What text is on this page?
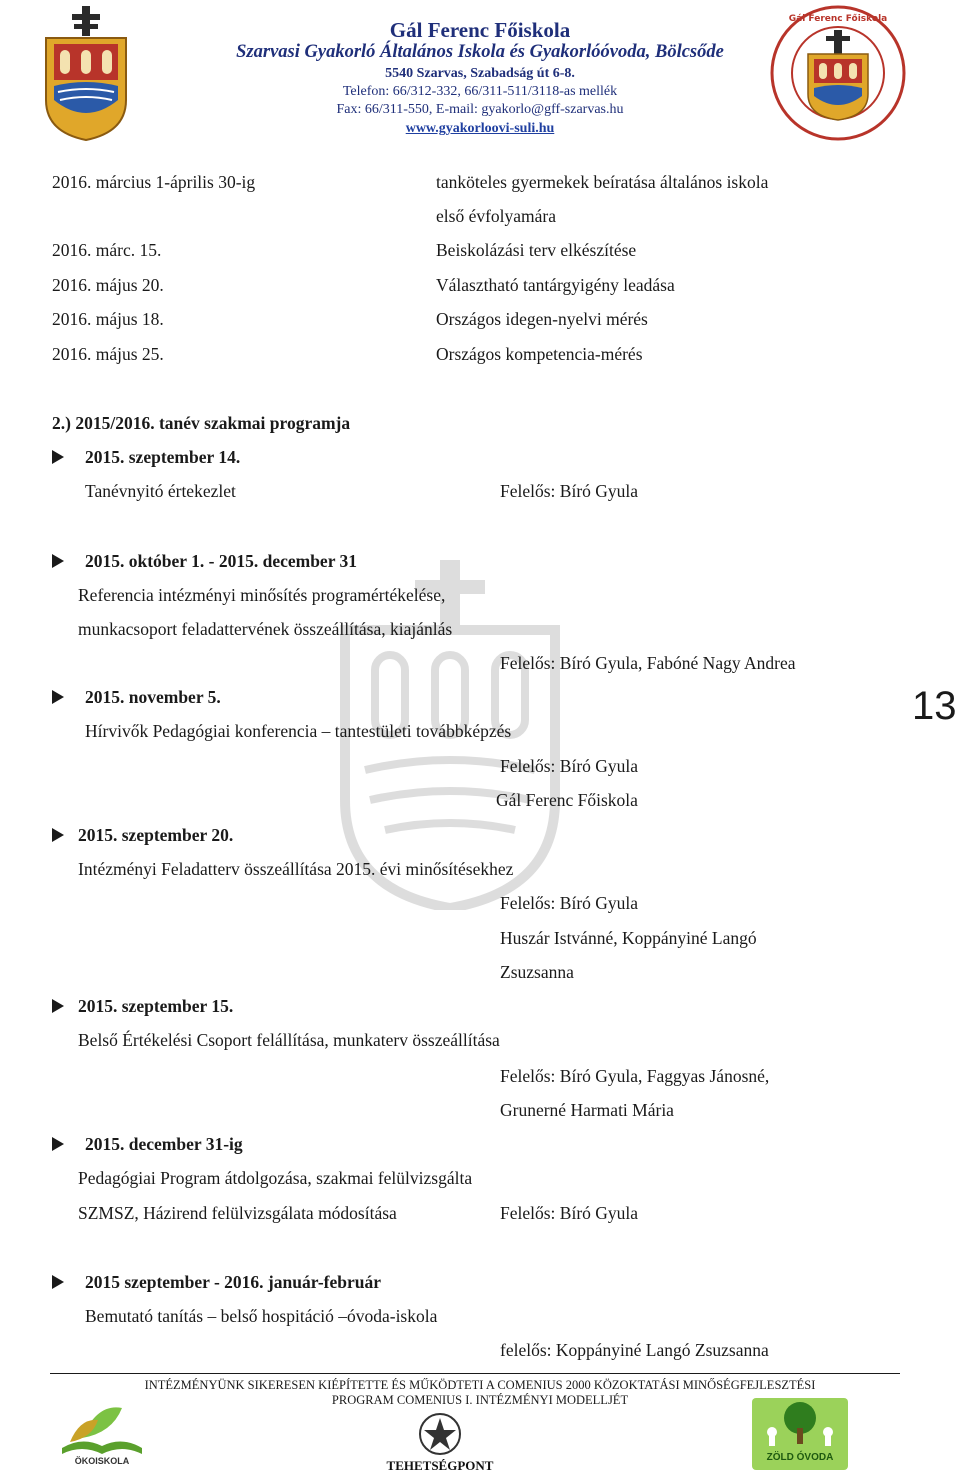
Gál Ferenc Főiskola
Szarvasi Gyakorló Általános Iskola és Gyakorlóóvoda, Bölcsőde
5540 Szarvas, Szabadság út 6-8.
Telefon: 66/312-332, 66/311-511/3118-as mellék
Fax: 66/311-550, E-mail: gyakorlo@gff-szarvas.hu
www.gyakorloovi-suli.hu
Gál Ferenc Főiskola
2016. március 1-április 30-ig	tanköteles gyermekek beíratása általános iskola
első évfolyamára
2016. márc. 15.	Beiskolázási terv elkészítése
2016. május 20.	Választható tantárgyigény leadása
2016. május 18.	Országos idegen-nyelvi mérés
2016. május 25.	Országos kompetencia-mérés
2.) 2015/2016. tanév szakmai programja
2015. szeptember 14.
Tanévnyitó értekezlet	Felelős: Bíró Gyula
2015. október 1. - 2015. december 31
Referencia intézményi minősítés programértékelése,
munkacsoport feladattervének összeállítása, kiajánlás
Felelős: Bíró Gyula, Fabóné Nagy Andrea
2015. november 5.
Hírvivők Pedagógiai konferencia – tantestületi továbbképzés
Felelős: Bíró Gyula
Gál Ferenc Főiskola
13
2015. szeptember 20.
Intézményi Feladatterv összeállítása 2015. évi minősítésekhez
Felelős: Bíró Gyula
Huszár Istvánné, Koppányiné Langó
Zsuzsanna
2015. szeptember 15.
Belső Értékelési Csoport felállítása, munkaterv összeállítása
Felelős: Bíró Gyula, Faggyas Jánosné,
Grunerné Harmati Mária
2015. december 31-ig
Pedagógiai Program átdolgozása, szakmai felülvizsgálta
SZMSZ, Házirend felülvizsgálata módosítása	Felelős: Bíró Gyula
2015 szeptember - 2016. január-február
Bemutató tanítás – belső hospitáció –óvoda-iskola
felelős: Koppányiné Langó Zsuzsanna
INTÉZMÉNYÜNK SIKERESEN KIÉPÍTETTE ÉS MŰKÖDTETI A COMENIUS 2000 KÖZOKTATÁSI MINŐSÉGFEJLESZTÉSI
PROGRAM COMENIUS I. INTÉZMÉNYI MODELLJÉT
ÖKOISKOLA	TEHETSÉGPONT
ZÖLD ÓVODA
